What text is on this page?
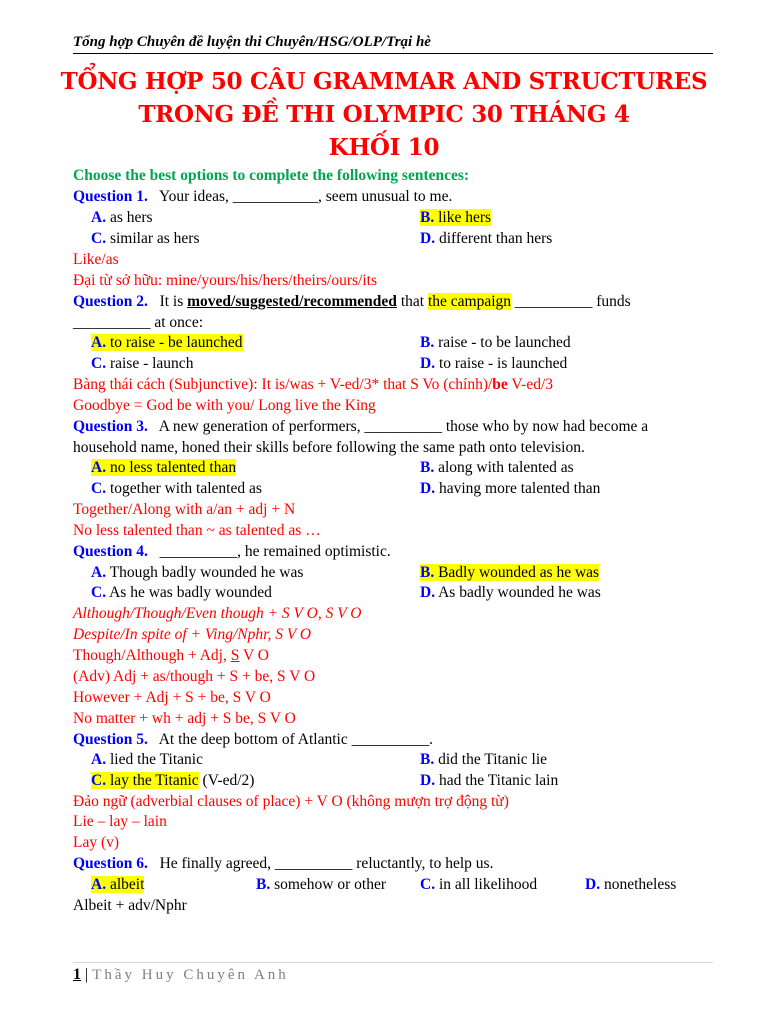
Tổng hợp Chuyên đề luyện thi Chuyên/HSG/OLP/Trại hè
TỔNG HỢP 50 CÂU GRAMMAR AND STRUCTURES
TRONG ĐỀ THI OLYMPIC 30 THÁNG 4
KHỐI 10
Choose the best options to complete the following sentences:
Question 1. Your ideas, ___________, seem unusual to me.
A. as hers	B. like hers
C. similar as hers	D. different than hers
Like/as
Đại từ sở hữu: mine/yours/his/hers/theirs/ours/its
Question 2. It is moved/suggested/recommended that the campaign __________ funds
__________ at once:
A. to raise - be launched	B. raise - to be launched
C. raise - launch	D. to raise - is launched
Bàng thái cách (Subjunctive): It is/was + V-ed/3* that S Vo (chính)/be V-ed/3
Goodbye = God be with you/ Long live the King
Question 3. A new generation of performers, __________ those who by now had become a
household name, honed their skills before following the same path onto television.
A. no less talented than	B. along with talented as
C. together with talented as	D. having more talented than
Together/Along with a/an + adj + N
No less talented than ~ as talented as …
Question 4. __________, he remained optimistic.
A. Though badly wounded he was	B. Badly wounded as he was
C. As he was badly wounded	D. As badly wounded he was
Although/Though/Even though + S V O, S V O
Despite/In spite of + Ving/Nphr, S V O
Though/Although + Adj, S V O
(Adv) Adj + as/though + S + be, S V O
However + Adj + S + be, S V O
No matter + wh + adj + S be, S V O
Question 5. At the deep bottom of Atlantic __________.
A. lied the Titanic	B. did the Titanic lie
C. lay the Titanic (V-ed/2)	D. had the Titanic lain
Đảo ngữ (adverbial clauses of place) + V O (không mượn trợ động từ)
Lie – lay – lain
Lay (v)
Question 6. He finally agreed, __________ reluctantly, to help us.
A. albeit	B. somehow or other C. in all likelihood	D. nonetheless
Albeit + adv/Nphr
1 | Thầy Huy Chuyên Anh
